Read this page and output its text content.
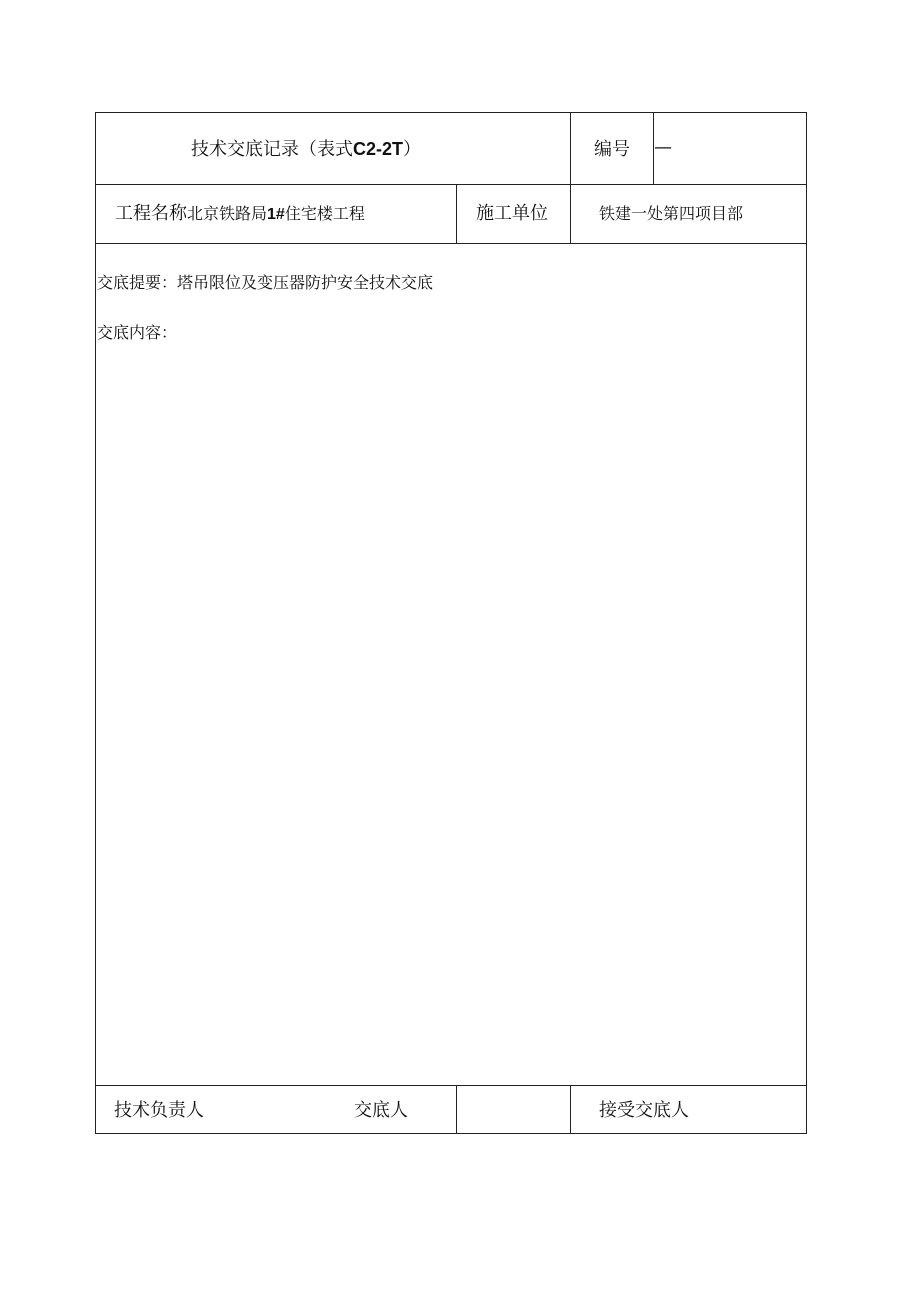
技术交底记录（表式C2-2T）	编号 —
工程名称北京铁路局1#住宅楼工程	施工单位	铁建一处第四项目部
交底提要：塔吊限位及变压器防护安全技术交底
交底内容：
技术负责人	交底人	接受交底人
